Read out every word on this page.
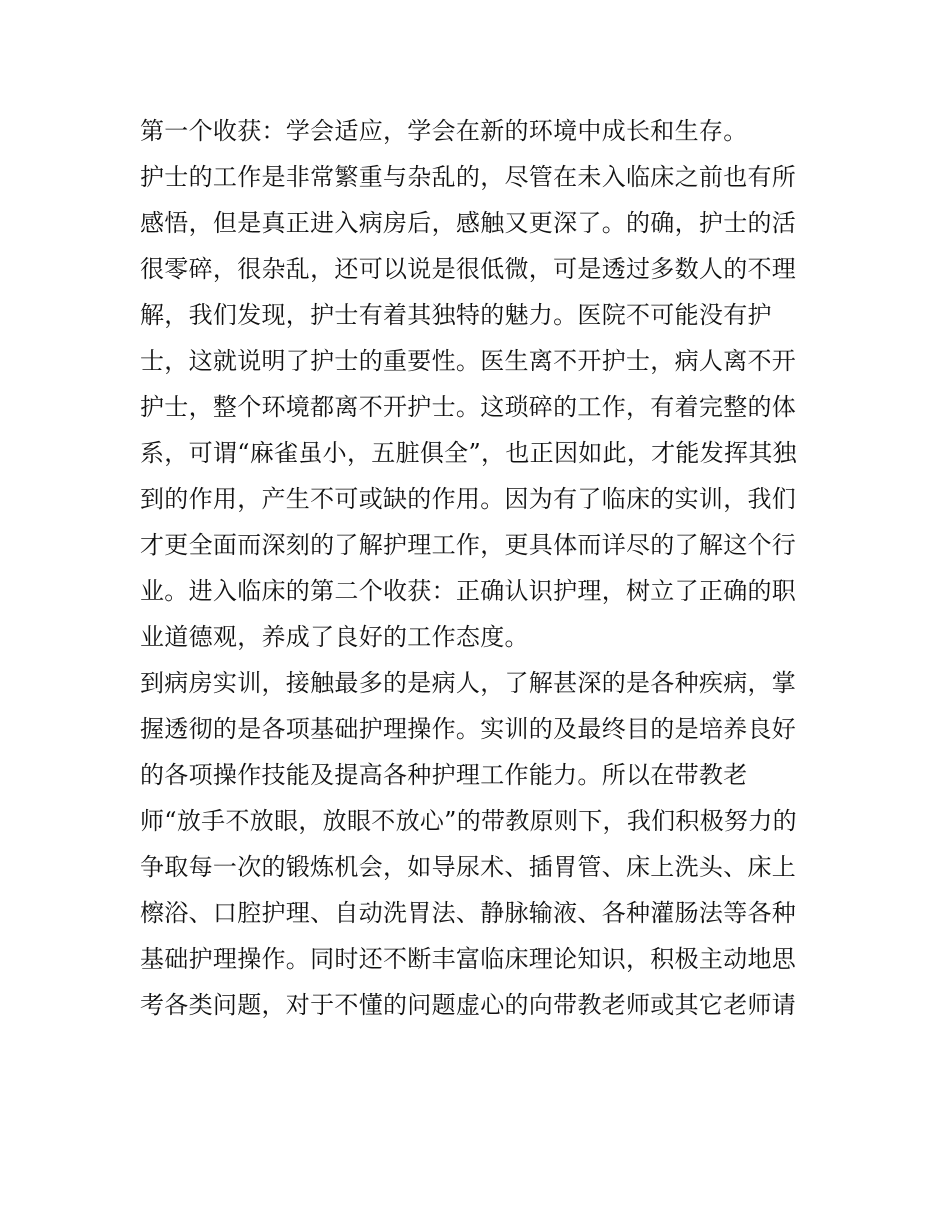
第一个收获：学会适应，学会在新的环境中成长和生存。
护士的工作是非常繁重与杂乱的，尽管在未入临床之前也有所
感悟，但是真正进入病房后，感触又更深了。的确，护士的活
很零碎，很杂乱，还可以说是很低微，可是透过多数人的不理
解，我们发现，护士有着其独特的魅力。医院不可能没有护
士，这就说明了护士的重要性。医生离不开护士，病人离不开
护士，整个环境都离不开护士。这琐碎的工作，有着完整的体
系，可谓“麻雀虽小，五脏俱全”，也正因如此，才能发挥其独
到的作用，产生不可或缺的作用。因为有了临床的实训，我们
才更全面而深刻的了解护理工作，更具体而详尽的了解这个行
业。进入临床的第二个收获：正确认识护理，树立了正确的职
业道德观，养成了良好的工作态度。
到病房实训，接触最多的是病人，了解甚深的是各种疾病，掌
握透彻的是各项基础护理操作。实训的及最终目的是培养良好
的各项操作技能及提高各种护理工作能力。所以在带教老
师“放手不放眼，放眼不放心”的带教原则下，我们积极努力的
争取每一次的锻炼机会，如导尿术、插胃管、床上洗头、床上
檫浴、口腔护理、自动洗胃法、静脉输液、各种灌肠法等各种
基础护理操作。同时还不断丰富临床理论知识，积极主动地思
考各类问题，对于不懂的问题虚心的向带教老师或其它老师请
